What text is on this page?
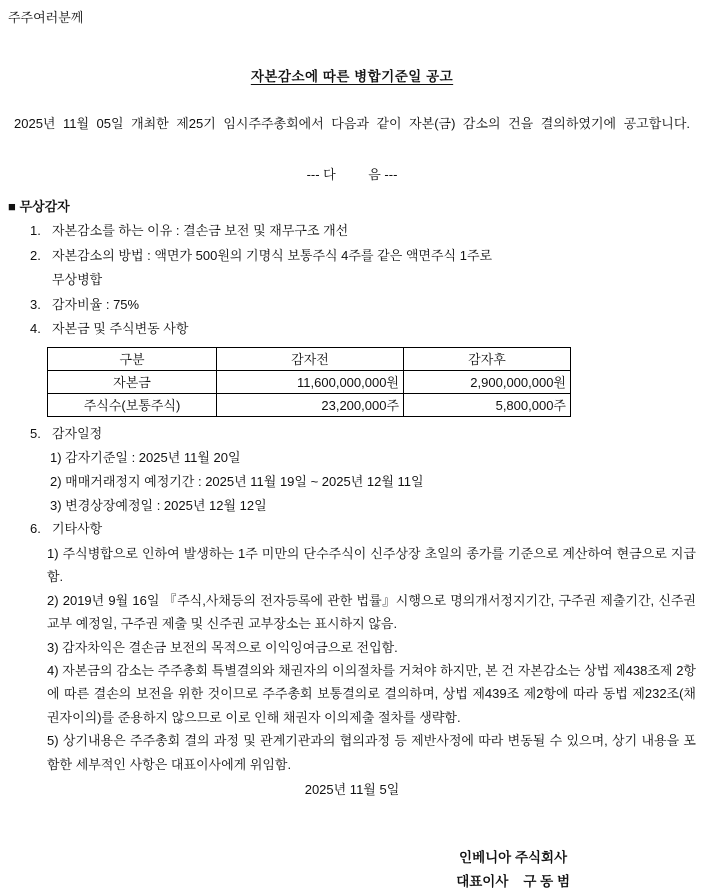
주주여러분께
자본감소에 따른 병합기준일 공고

2025년 11월 05일 개최한 제25기 임시주주총회에서 다음과 같이 자본(금) 감소의 건을 결의하였기에 공고합니다.

--- 다         음 ---
■ 무상감자
1. 자본감소를 하는 이유 : 결손금 보전 및 재무구조 개선
2. 자본감소의 방법 : 액면가 500원의 기명식 보통주식 4주를 같은 액면주식 1주로
무상병합
3. 감자비율 : 75%
4. 자본금 및 주식변동 사항
구분	감자전	감자후
자본금	11,600,000,000원	2,900,000,000원
주식수(보통주식)	23,200,000주	5,800,000주
5. 감자일정
1) 감자기준일 : 2025년 11월 20일
2) 매매거래정지 예정기간 : 2025년 11월 19일 ~ 2025년 12월 11일
3) 변경상장예정일 : 2025년 12월 12일
6. 기타사항
1) 주식병합으로 인하여 발생하는 1주 미만의 단수주식이 신주상장 초일의 종가를 기준으로 계산하여 현금으로 지급함.
2) 2019년 9월 16일 『주식,사채등의 전자등록에 관한 법률』시행으로 명의개서정지기간, 구주권 제출기간, 신주권교부 예정일, 구주권 제출 및 신주권 교부장소는 표시하지 않음.
3) 감자차익은 결손금 보전의 목적으로 이익잉여금으로 전입함.
4) 자본금의 감소는 주주총회 특별결의와 채권자의 이의절차를 거쳐야 하지만, 본 건 자본감소는 상법 제438조제 2항에 따른 결손의 보전을 위한 것이므로 주주총회 보통결의로 결의하며, 상법 제439조 제2항에 따라 동법 제232조(채권자이의)를 준용하지 않으므로 이로 인해 채권자 이의제출 절차를 생략함.
5) 상기내용은 주주총회 결의 과정 및 관계기관과의 협의과정 등 제반사정에 따라 변동될 수 있으며, 상기 내용을 포함한 세부적인 사항은 대표이사에게 위임함.
2025년 11월 5일
인베니아 주식회사
대표이사    구 동 범
